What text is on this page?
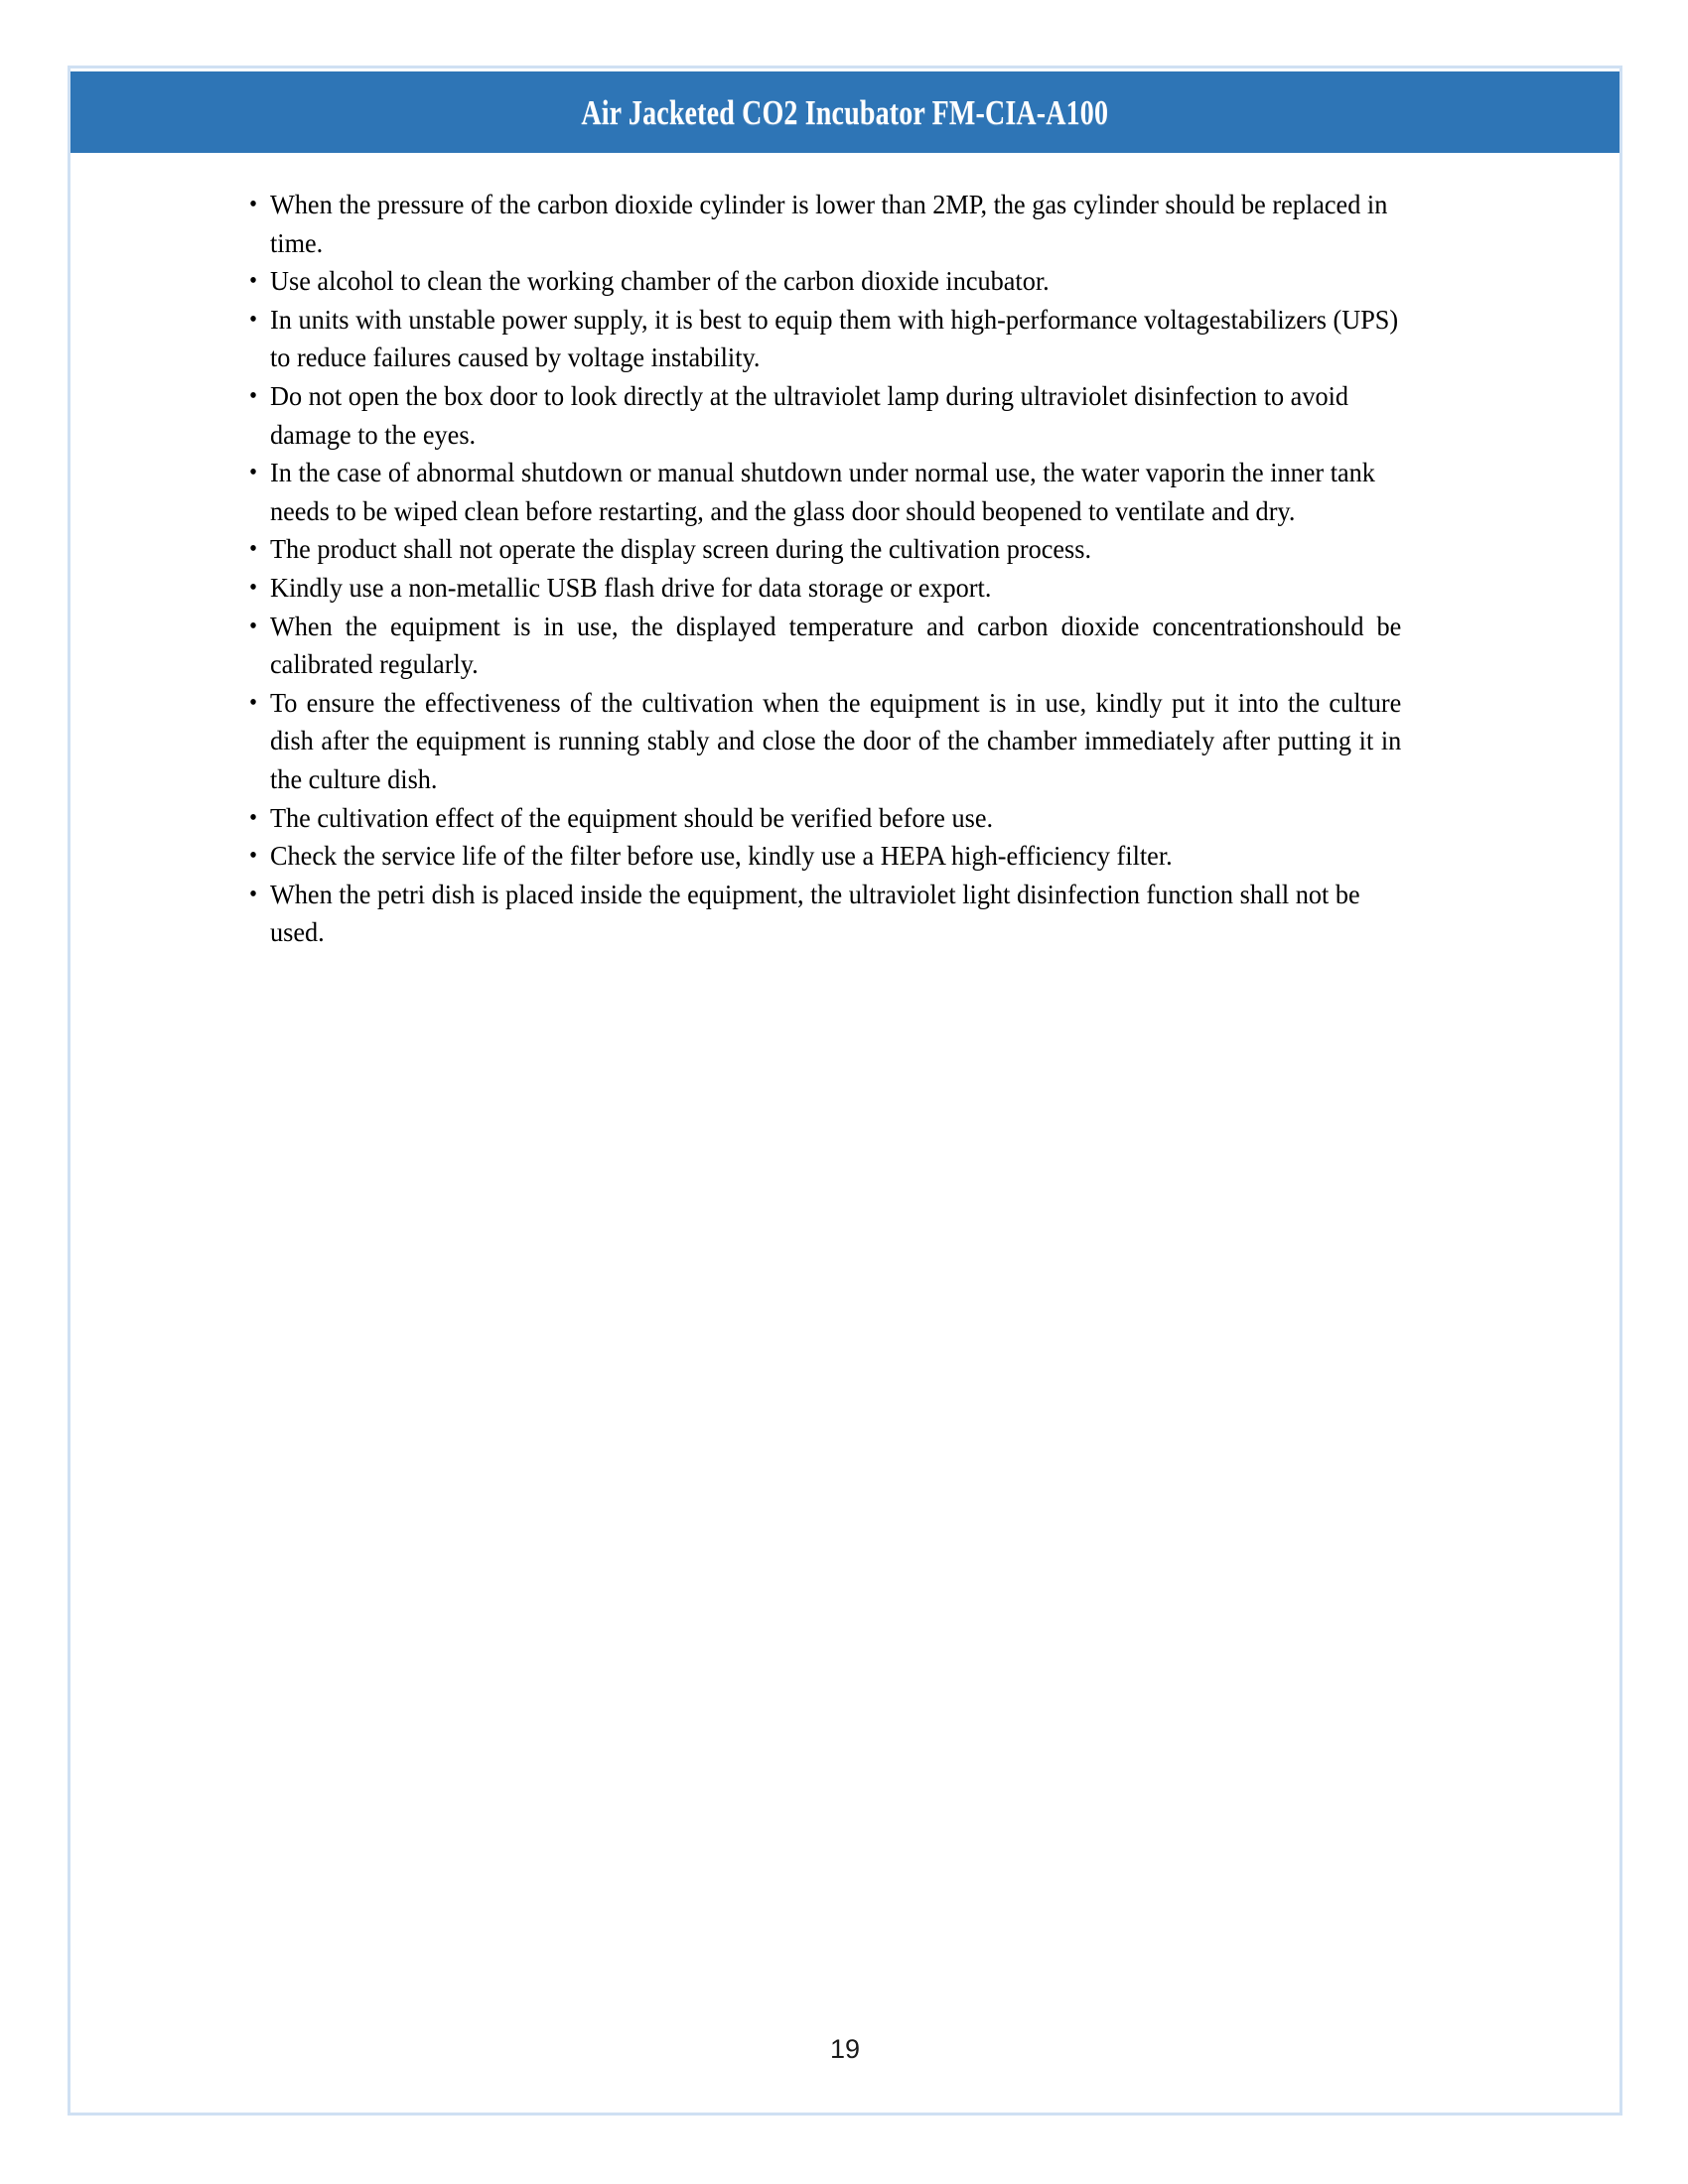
Air Jacketed CO2 Incubator FM-CIA-A100
• When the pressure of the carbon dioxide cylinder is lower than 2MP, the gas cylinder should be replaced in time.
• Use alcohol to clean the working chamber of the carbon dioxide incubator.
• In units with unstable power supply, it is best to equip them with high-performance voltagestabilizers (UPS) to reduce failures caused by voltage instability.
• Do not open the box door to look directly at the ultraviolet lamp during ultraviolet disinfection to avoid damage to the eyes.
• In the case of abnormal shutdown or manual shutdown under normal use, the water vaporin the inner tank needs to be wiped clean before restarting, and the glass door should beopened to ventilate and dry.
• The product shall not operate the display screen during the cultivation process.
• Kindly use a non-metallic USB flash drive for data storage or export.
• When the equipment is in use, the displayed temperature and carbon dioxide concentrationshould be calibrated regularly.
• To ensure the effectiveness of the cultivation when the equipment is in use, kindly put it into the culture dish after the equipment is running stably and close the door of the chamber immediately after putting it in the culture dish.
• The cultivation effect of the equipment should be verified before use.
• Check the service life of the filter before use, kindly use a HEPA high-efficiency filter.
• When the petri dish is placed inside the equipment, the ultraviolet light disinfection function shall not be used.
19
